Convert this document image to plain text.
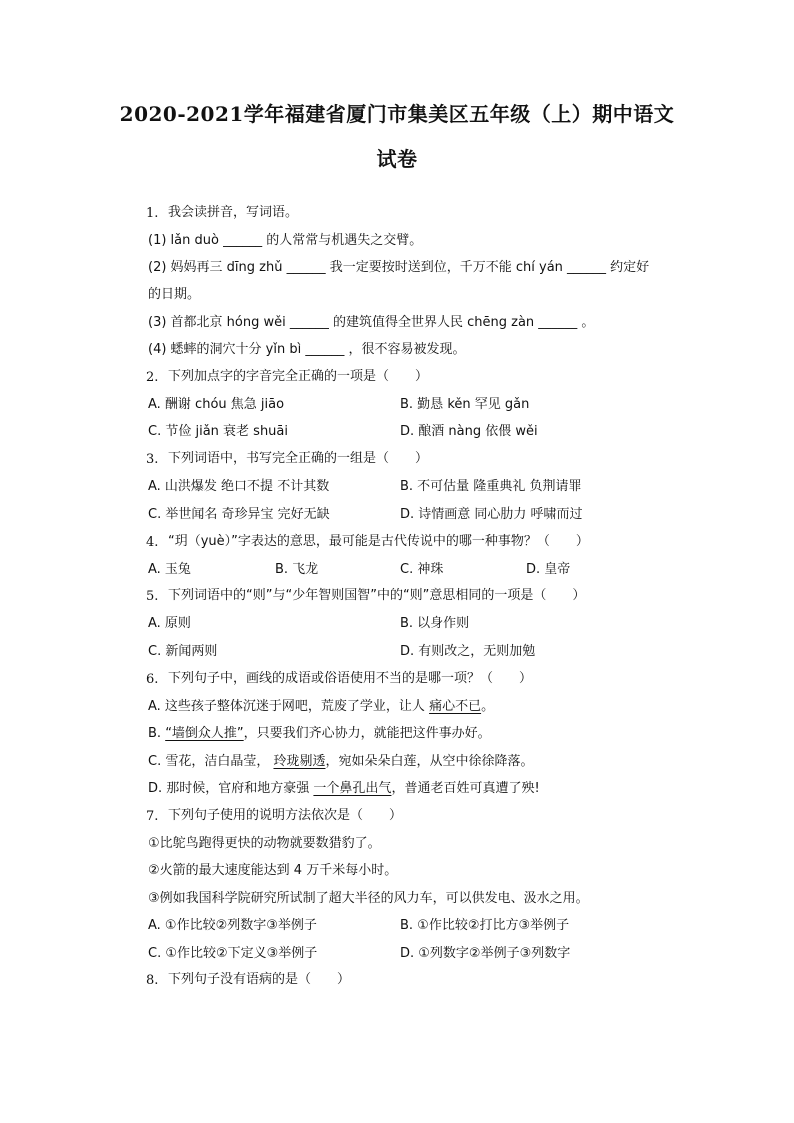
2020-2021学年福建省厦门市集美区五年级（上）期中语文
试卷
1. 我会读拼音，写词语。
(1) lǎn duò ______ 的人常常与机遇失之交臂。
(2) 妈妈再三 dīng zhǔ ______ 我一定要按时送到位，千万不能 chí yán ______ 约定好
的日期。
(3) 首都北京 hóng wěi ______ 的建筑值得全世界人民 chēng zàn ______ 。
(4) 蟋蟀的洞穴十分 yǐn bì ______ ，很不容易被发现。
2. 下列加点字的字音完全正确的一项是（　　）
A. 酬谢 chóu 焦急 jiāo	B. 勤恳 kěn 罕见 gǎn
C. 节俭 jiǎn 衰老 shuāi	D. 酿酒 nàng 依偎 wěi
3. 下列词语中，书写完全正确的一组是（　　）
A. 山洪爆发 绝口不提 不计其数	B. 不可估量 隆重典礼 负荆请罪
C. 举世闻名 奇珍异宝 完好无缺	D. 诗情画意 同心肋力 呼啸而过
4. “玥（yuè）”字表达的意思，最可能是古代传说中的哪一种事物？（　　）
A. 玉兔	B. 飞龙	C. 神珠	D. 皇帝
5. 下列词语中的“则”与“少年智则国智”中的“则”意思相同的一项是（　　）
A. 原则	B. 以身作则
C. 新闻两则	D. 有则改之，无则加勉
6. 下列句子中，画线的成语或俗语使用不当的是哪一项？（　　）
A. 这些孩子整体沉迷于网吧，荒废了学业，让人 痛心不已。
B. “墙倒众人推”，只要我们齐心协力，就能把这件事办好。
C. 雪花，洁白晶莹， 玲珑剔透，宛如朵朵白莲，从空中徐徐降落。
D. 那时候，官府和地方豪强 一个鼻孔出气，普通老百姓可真遭了殃!
7. 下列句子使用的说明方法依次是（　　）
①比鸵鸟跑得更快的动物就要数猎豹了。
②火箭的最大速度能达到 4 万千米每小时。
③例如我国科学院研究所试制了超大半径的风力车，可以供发电、汲水之用。
A. ①作比较②列数字③举例子	B. ①作比较②打比方③举例子
C. ①作比较②下定义③举例子	D. ①列数字②举例子③列数字
8. 下列句子没有语病的是（　　）
